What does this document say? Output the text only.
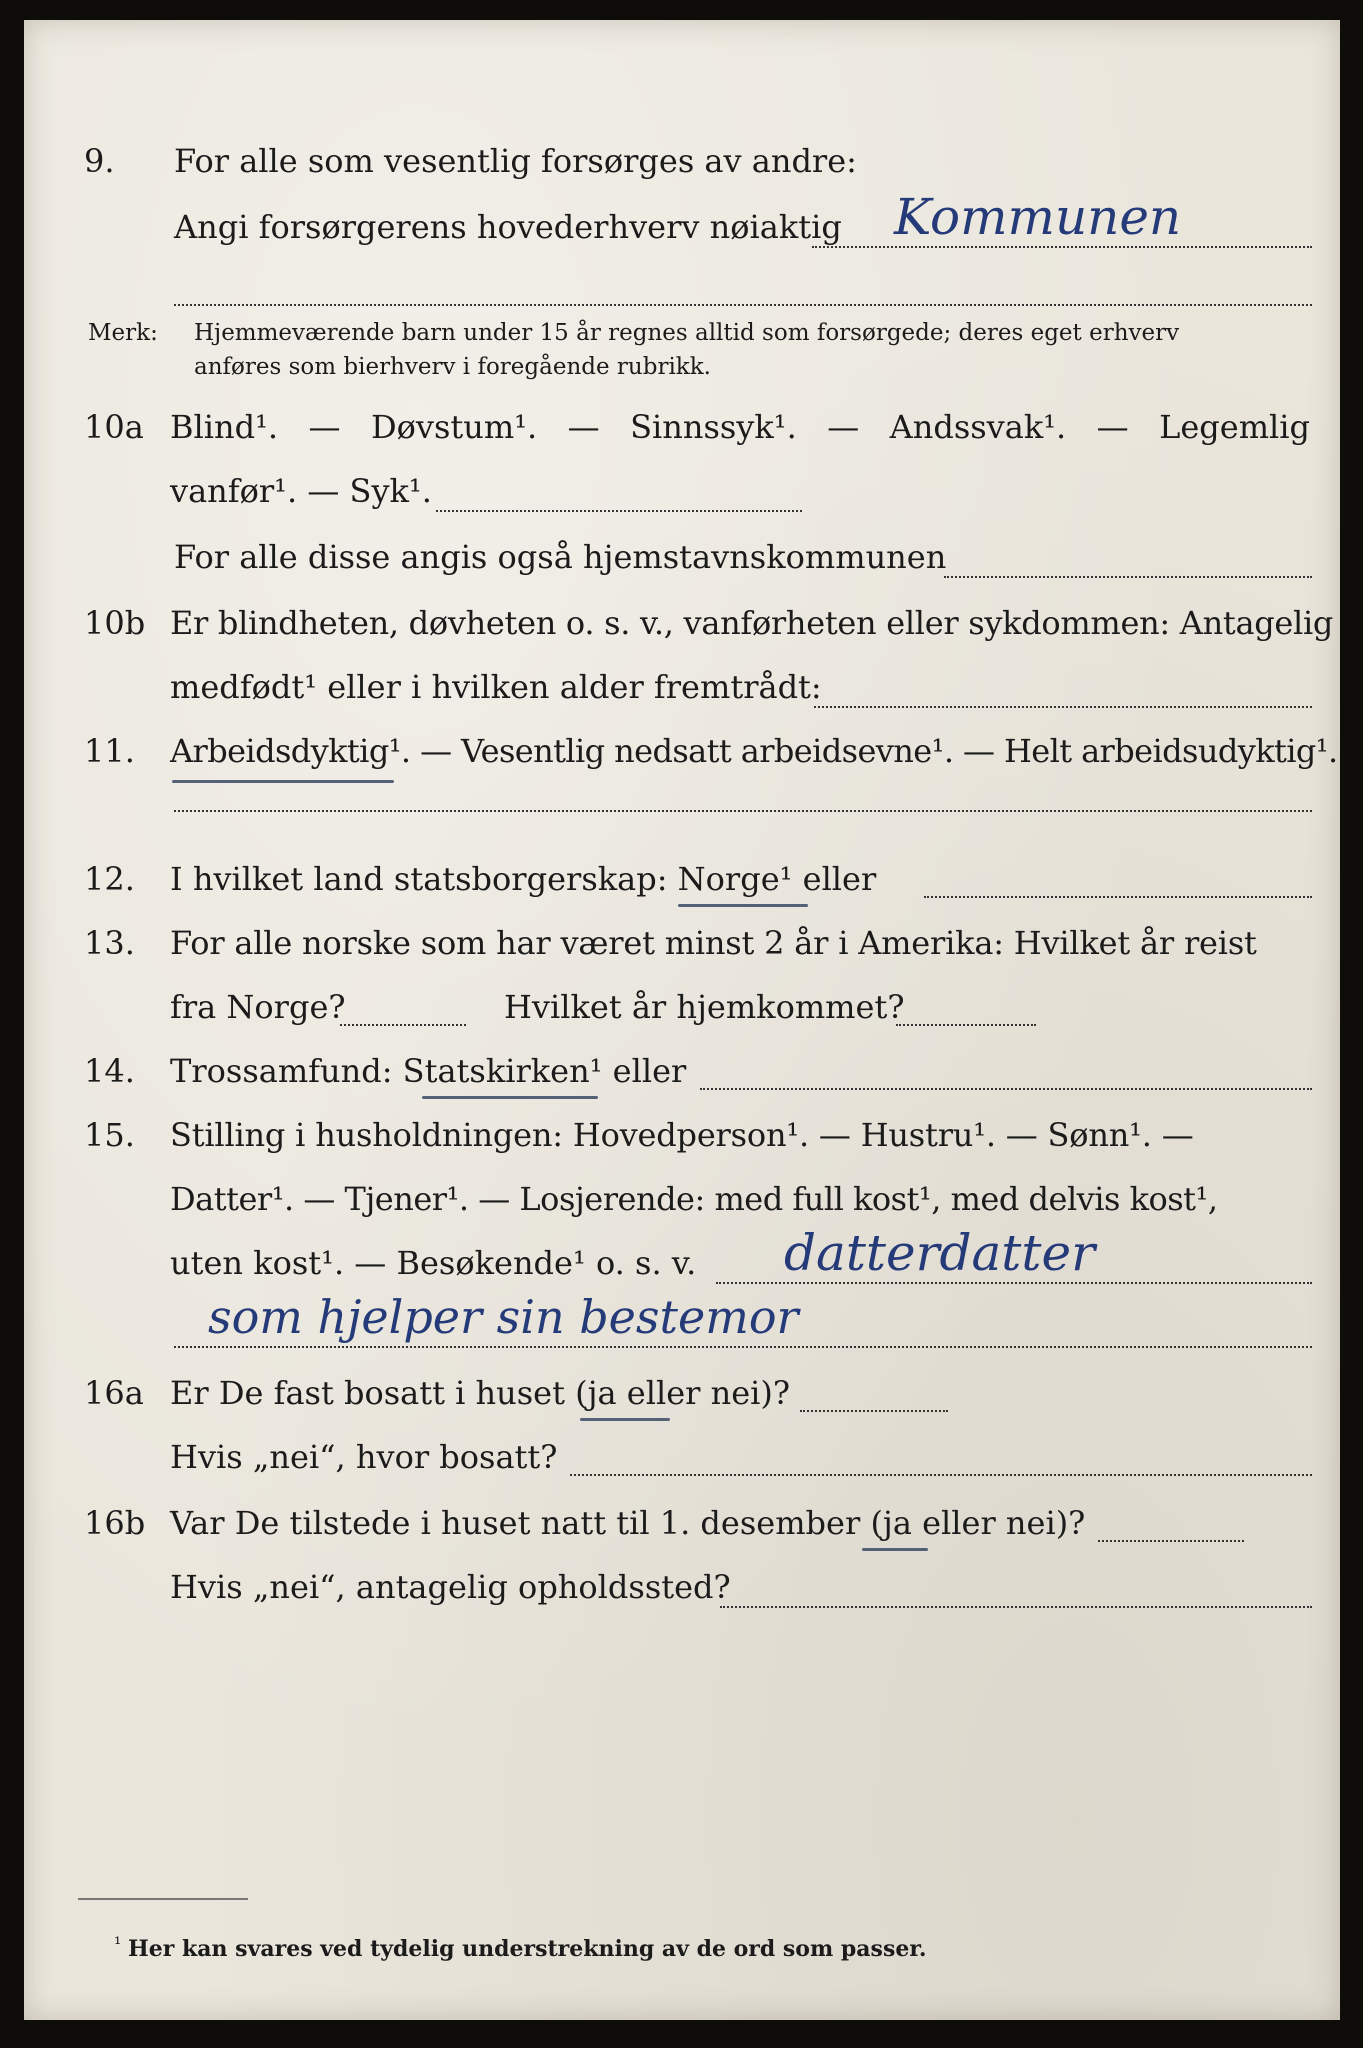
9. For alle som vesentlig forsørges av andre:
Angi forsørgerens hovederhverv nøiaktig Kommunen
Merk: Hjemmeværende barn under 15 år regnes alltid som forsørgede; deres eget erhverv
anføres som bierhverv i foregående rubrikk.
10a Blind¹. — Døvstum¹. — Sinnssyk¹. — Andssvak¹. — Legemlig
vanfør¹. — Syk¹.
For alle disse angis også hjemstavnskommunen
10b Er blindheten, døvheten o. s. v., vanførheten eller sykdommen: Antagelig
medfødt¹ eller i hvilken alder fremtrådt:
11. Arbeidsdyktig¹. — Vesentlig nedsatt arbeidsevne¹. — Helt arbeidsudyktig¹.
12. I hvilket land statsborgerskap: Norge¹ eller
13. For alle norske som har været minst 2 år i Amerika: Hvilket år reist
fra Norge?	Hvilket år hjemkommet?
14. Trossamfund: Statskirken¹ eller
15. Stilling i husholdningen: Hovedperson¹. — Hustru¹. — Sønn¹. —
Datter¹. — Tjener¹. — Losjerende: med full kost¹, med delvis kost¹,
uten kost¹. — Besøkende¹ o. s. v. datterdatter
som hjelper sin bestemor
16a Er De fast bosatt i huset (ja eller nei)?
Hvis „nei“, hvor bosatt?
16b Var De tilstede i huset natt til 1. desember (ja eller nei)?
Hvis „nei“, antagelig opholdssted?
¹ Her kan svares ved tydelig understrekning av de ord som passer.
